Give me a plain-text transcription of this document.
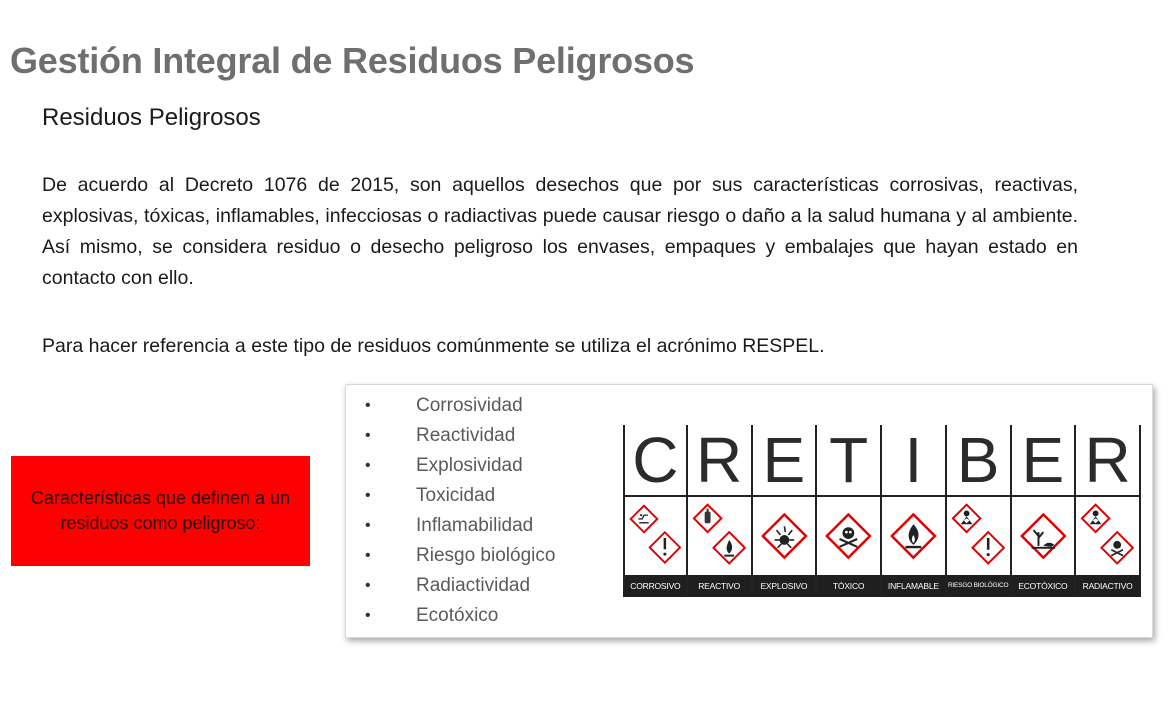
Gestión Integral de Residuos Peligrosos
Residuos Peligrosos

De acuerdo al Decreto 1076 de 2015, son aquellos desechos que por sus características corrosivas, reactivas, explosivas, tóxicas, inflamables, infecciosas o radiactivas puede causar riesgo o daño a la salud humana y al ambiente. Así mismo, se considera residuo o desecho peligroso los envases, empaques y embalajes que hayan estado en contacto con ello.

Para hacer referencia a este tipo de residuos comúnmente se utiliza el acrónimo RESPEL.

Características que definen a un residuos como peligroso:
• Corrosividad
• Reactividad
• Explosividad
• Toxicidad
• Inflamabilidad
• Riesgo biológico
• Radiactividad
• Ecotóxico
C
CORROSIVO
R
REACTIVO
E
EXPLOSIVO
T
TÓXICO
I
INFLAMABLE
B
RIESGO BIOLÓGICO
E
ECOTÓXICO
R
RADIACTIVO
